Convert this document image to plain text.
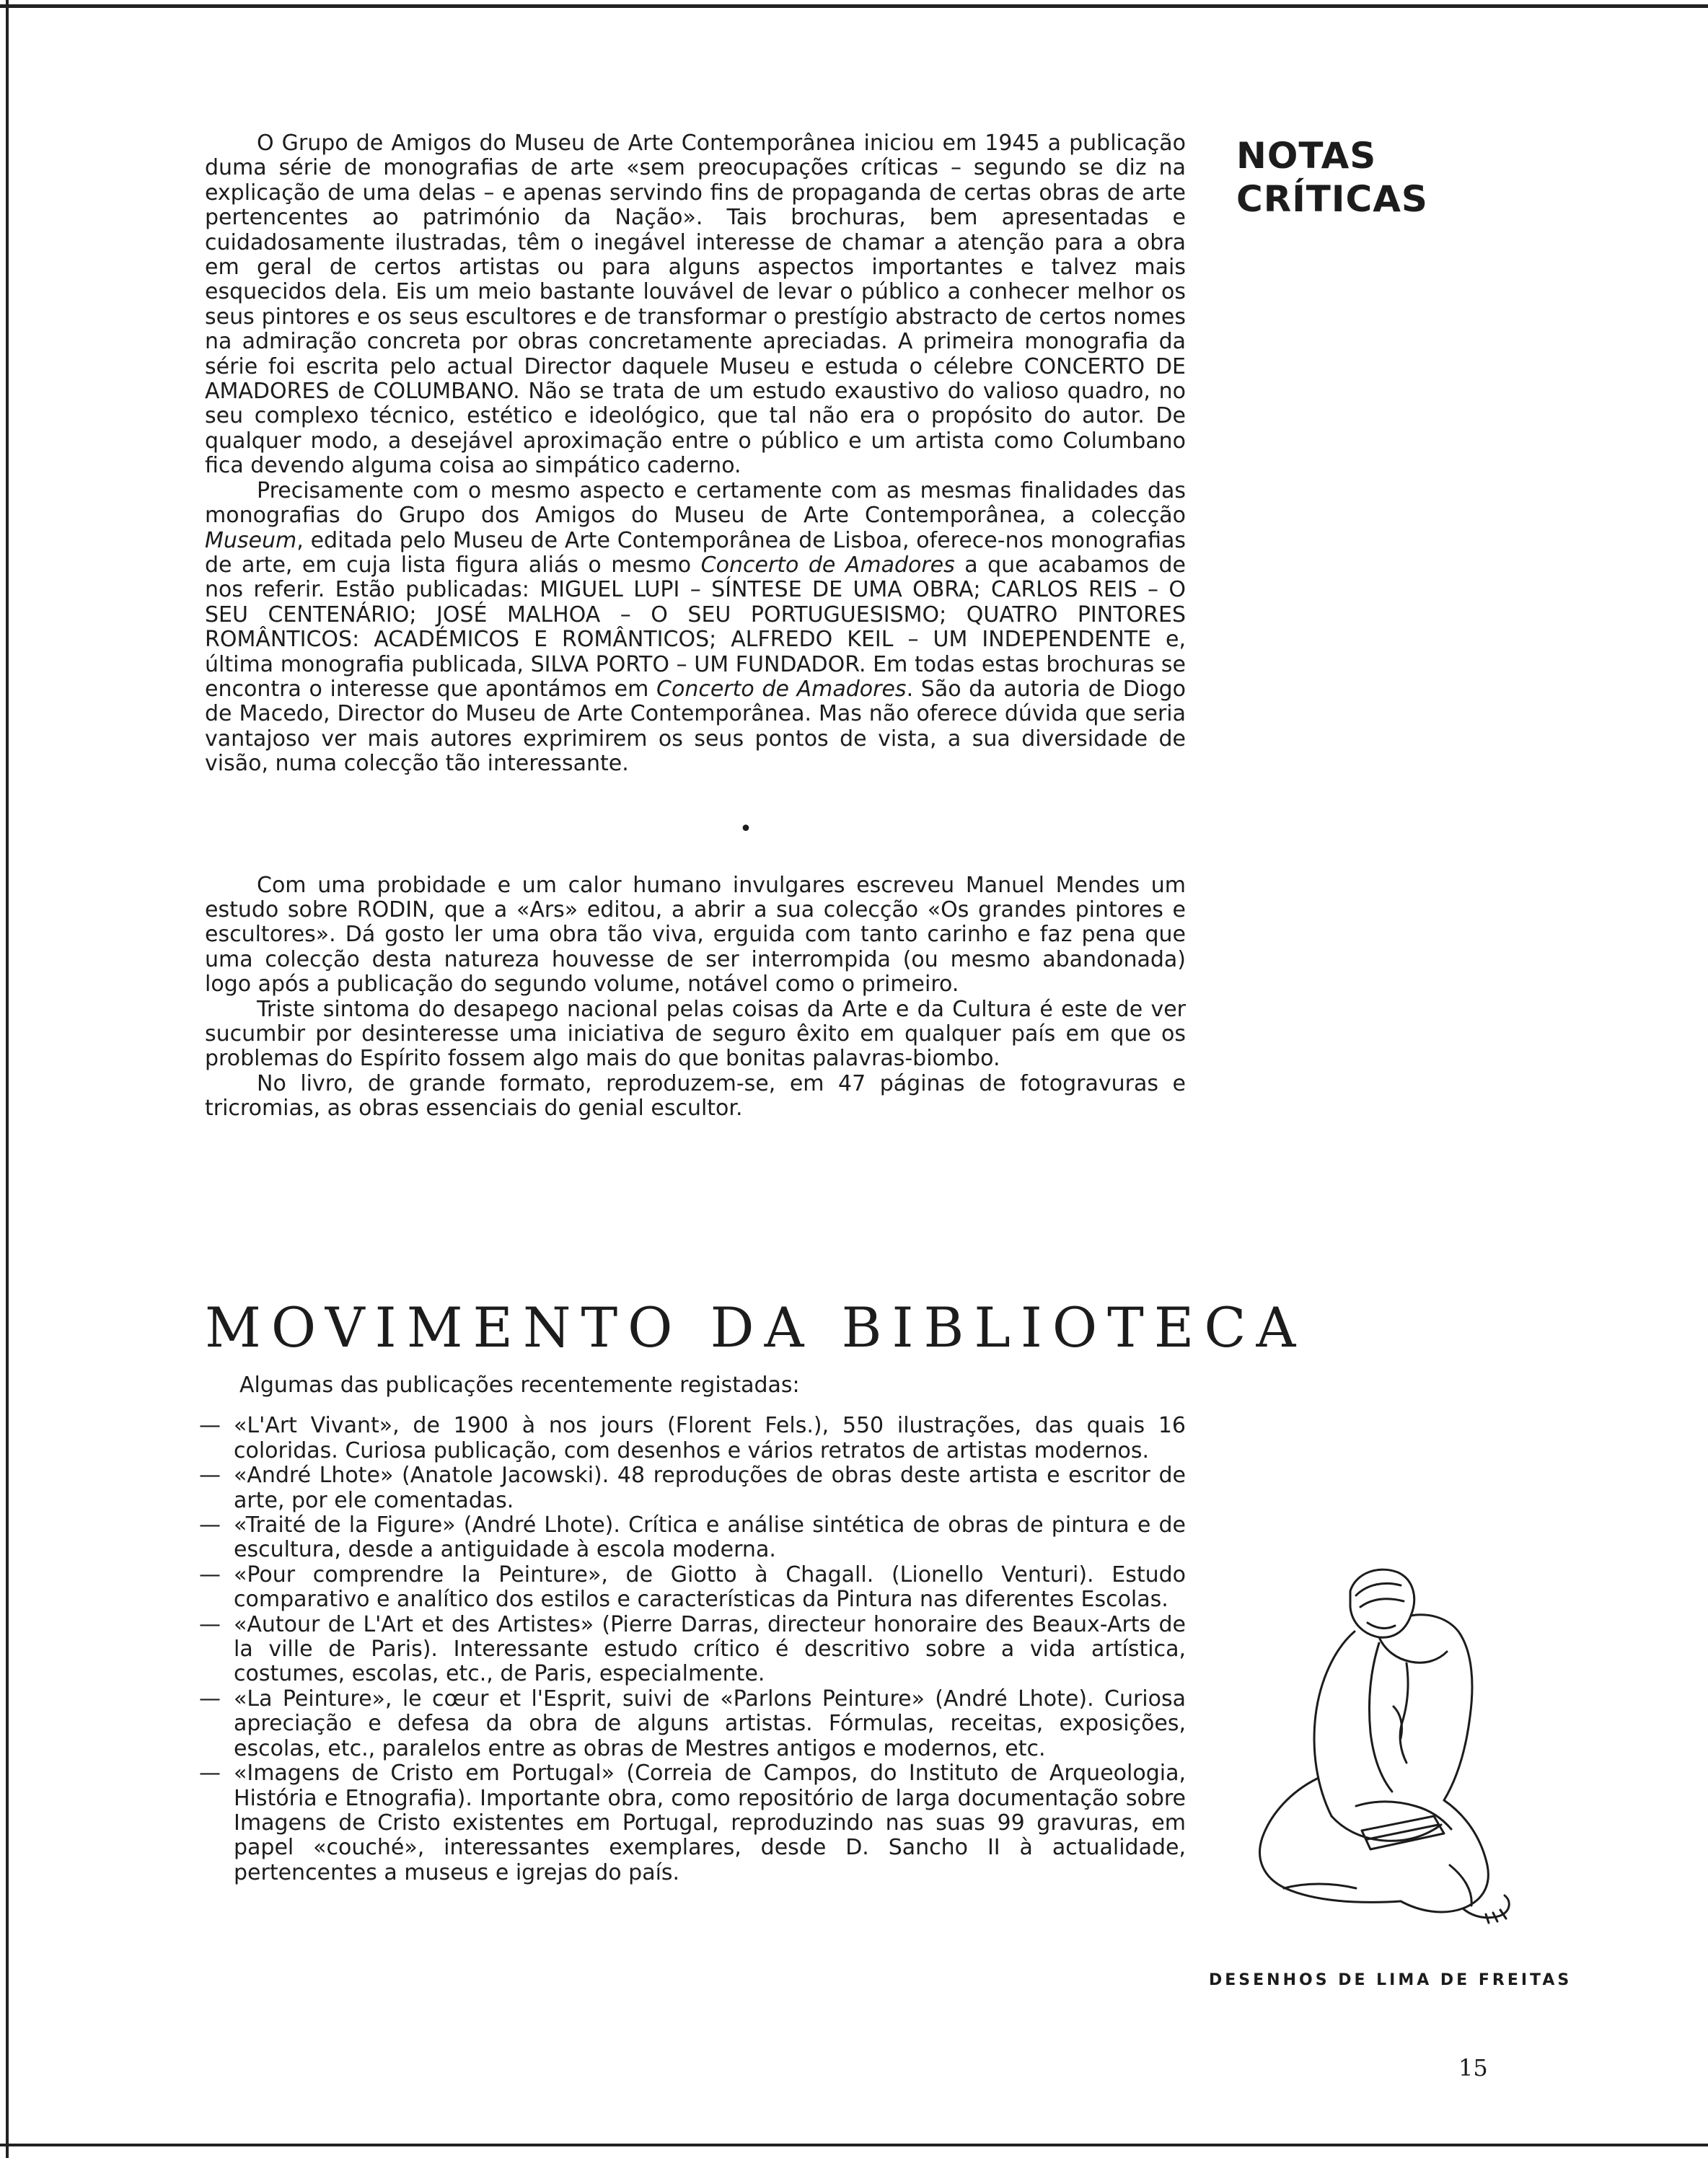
NOTAS CRÍTICAS

O Grupo de Amigos do Museu de Arte Contemporânea iniciou em 1945 a publicação duma série de monografias de arte «sem preocupações críticas – segundo se diz na explicação de uma delas – e apenas servindo fins de propaganda de certas obras de arte pertencentes ao património da Nação». Tais brochuras, bem apresentadas e cuidadosamente ilustradas, têm o inegável interesse de chamar a atenção para a obra em geral de certos artistas ou para alguns aspectos importantes e talvez mais esquecidos dela. Eis um meio bastante louvável de levar o público a conhecer melhor os seus pintores e os seus escultores e de transformar o prestígio abstracto de certos nomes na admiração concreta por obras concretamente apreciadas. A primeira monografia da série foi escrita pelo actual Director daquele Museu e estuda o célebre CONCERTO DE AMADORES de COLUMBANO. Não se trata de um estudo exaustivo do valioso quadro, no seu complexo técnico, estético e ideológico, que tal não era o propósito do autor. De qualquer modo, a desejável aproximação entre o público e um artista como Columbano fica devendo alguma coisa ao simpático caderno.

Precisamente com o mesmo aspecto e certamente com as mesmas finalidades das monografias do Grupo dos Amigos do Museu de Arte Contemporânea, a colecção Museum, editada pelo Museu de Arte Contemporânea de Lisboa, oferece-nos monografias de arte, em cuja lista figura aliás o mesmo Concerto de Amadores a que acabamos de nos referir. Estão publicadas: MIGUEL LUPI – SÍNTESE DE UMA OBRA; CARLOS REIS – O SEU CENTENÁRIO; JOSÉ MALHOA – O SEU PORTUGUESISMO; QUATRO PINTORES ROMÂNTICOS: ACADÉMICOS E ROMÂNTICOS; ALFREDO KEIL – UM INDEPENDENTE e, última monografia publicada, SILVA PORTO – UM FUNDADOR. Em todas estas brochuras se encontra o interesse que apontámos em Concerto de Amadores. São da autoria de Diogo de Macedo, Director do Museu de Arte Contemporânea. Mas não oferece dúvida que seria vantajoso ver mais autores exprimirem os seus pontos de vista, a sua diversidade de visão, numa colecção tão interessante.

•

Com uma probidade e um calor humano invulgares escreveu Manuel Mendes um estudo sobre RODIN, que a «Ars» editou, a abrir a sua colecção «Os grandes pintores e escultores». Dá gosto ler uma obra tão viva, erguida com tanto carinho e faz pena que uma colecção desta natureza houvesse de ser interrompida (ou mesmo abandonada) logo após a publicação do segundo volume, notável como o primeiro.

Triste sintoma do desapego nacional pelas coisas da Arte e da Cultura é este de ver sucumbir por desinteresse uma iniciativa de seguro êxito em qualquer país em que os problemas do Espírito fossem algo mais do que bonitas palavras-biombo.

No livro, de grande formato, reproduzem-se, em 47 páginas de fotogravuras e tricromias, as obras essenciais do genial escultor.

MOVIMENTO DA BIBLIOTECA

Algumas das publicações recentemente registadas:

— «L'Art Vivant», de 1900 à nos jours (Florent Fels.), 550 ilustrações, das quais 16 coloridas. Curiosa publicação, com desenhos e vários retratos de artistas modernos.
— «André Lhote» (Anatole Jacowski). 48 reproduções de obras deste artista e escritor de arte, por ele comentadas.
— «Traité de la Figure» (André Lhote). Crítica e análise sintética de obras de pintura e de escultura, desde a antiguidade à escola moderna.
— «Pour comprendre la Peinture», de Giotto à Chagall. (Lionello Venturi). Estudo comparativo e analítico dos estilos e características da Pintura nas diferentes Escolas.
— «Autour de L'Art et des Artistes» (Pierre Darras, directeur honoraire des Beaux-Arts de la ville de Paris). Interessante estudo crítico é descritivo sobre a vida artística, costumes, escolas, etc., de Paris, especialmente.
— «La Peinture», le cœur et l'Esprit, suivi de «Parlons Peinture» (André Lhote). Curiosa apreciação e defesa da obra de alguns artistas. Fórmulas, receitas, exposições, escolas, etc., paralelos entre as obras de Mestres antigos e modernos, etc.
— «Imagens de Cristo em Portugal» (Correia de Campos, do Instituto de Arqueologia, História e Etnografia). Importante obra, como repositório de larga documentação sobre Imagens de Cristo existentes em Portugal, reproduzindo nas suas 99 gravuras, em papel «couché», interessantes exemplares, desde D. Sancho II à actualidade, pertencentes a museus e igrejas do país.

DESENHOS DE LIMA DE FREITAS

15
